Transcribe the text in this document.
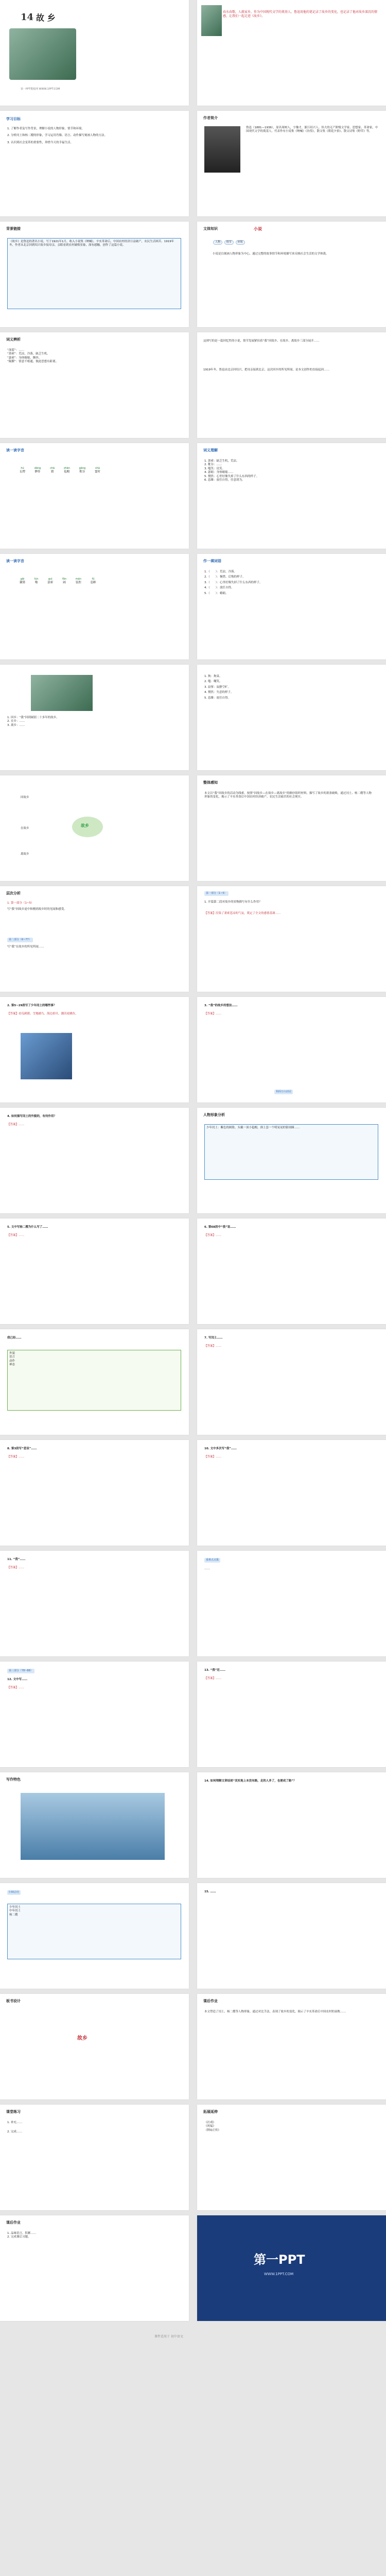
14 故 乡
第一PPT模板网 WWW.1PPT.COM
春水春歌，人就家乡，作为中国现代文学的奠基人，鲁迅用他的笔记录了故乡的变化，也记录了他对故乡深沉的情感，让我们一起走进《故乡》。
学习目标
1. 了解作者及写作背景，理解小说的人物形象、情节和环境。
2. 分析闰土和杨二嫂的形象，学习运用肖像、语言、动作描写刻画人物的方法。
3. 认识到社会变革的重要性，珍惜今天的幸福生活。
作者简介
鲁迅（1881—1936），原名周树人，字豫才，浙江绍兴人。伟大的无产阶级文学家、思想家、革命家，中国现代文学的奠基人。代表作有小说集《呐喊》《彷徨》，散文集《朝花夕拾》，散文诗集《野草》等。
背景链接
《故乡》是鲁迅的著名小说，写于1921年1月，收入小说集《呐喊》。辛亥革命后，中国农村经济日益破产，农民生活困苦。1919年冬，作者从北京回到绍兴故乡接母亲，亲眼看到农村破败景象，深有感触，创作了这篇小说。
文体知识	小说
人物 情节 环境
小说是以刻画人物形象为中心，通过完整的故事情节和环境描写来反映社会生活的文学体裁。
词义辨析
“深蓝”：……
“萧索”：荒凉，冷落，缺乏生机。
“瑟索”：身体蜷缩，颤抖。
“隔膜”：情意不相通，彼此思想有距离。
这则写的是一篇回忆性的小说，情节发展紧扣着“我”回故乡、在故乡、离故乡三部分展开……
1919年冬，鲁迅由北京回绍兴，把母亲接到北京，这次回乡的所见所闻，是本文创作的直接起因……
读一读字音
hú
瓦楞

dèng
髀骨

chā
猹

zhān
毡帽

gāng
秕谷

shà
霎时
词义理解
1. 萧索：缺乏生机，荒凉。
2. 秕谷：……
3. 嗤笑：讥笑。
4. 瑟缩：身体蜷缩……
5. 惘然：心里好像失掉了什么东西的样子。
6. 恣睢：放任自得，任意胡为。
读一读字音
gāi
獾猪

lún
嗡

guì
瑟索

fǎn
阔

mán
装腔

fú
恣睢
作一填词语
1.（　　）：荒凉，冷落。
2.（　　）：惋惜、后悔的样子。
3.（　　）：心里好像失掉了什么东西的样子。
4.（　　）：放任自得。
5.（　　）：蜷缩。
1. 回乡：“我”回到阔别二十多年的故乡。
2. 在乡：……
3. 离乡：……
1. 拘：拘束。
2. 嗤：嘲笑。
3. 寂寥：寂静空旷。
4. 惘然：失意的样子。
5. 恣睢：放任自得。
故乡
回故乡
在故乡
离故乡
整体感知
本文以“我”回故乡的活动为线索，按照“回故乡—在故乡—离故乡”的顺序组织材料，描写了故乡的萧条破败，通过闰土、杨二嫂等人物形象的变化，揭示了辛亥革命后中国农村经济破产、农民生活痛苦的社会现实。
层次分析
1. 第一部分（1~5）
写“我”回故乡途中和刚到故乡时的见闻和感受。
第二部分（6~77）
写“我”在故乡的所见所闻……
第一部分（1~5）
1. 开篇第二段对故乡的景物描写有什么作用？
【答案】渲染了萧索悲凉的气氛，奠定了全文的感情基调……
2. 第5~29段写了少年闰土的哪些事？
【答案】看瓜刺猹、雪地捕鸟、海边拾贝、潮汛看跳鱼。
3. “我”的故乡的想法……
【答案】……
相面万山前冠
4. 如何描写闰土的外貌的，有何作用？
【答案】……
人物形象分析
少年闰土：紫色的圆脸，头戴一顶小毡帽，颈上套一个明晃晃的银项圈……
5. 文中写杨二嫂为什么写了……
【答案】……
6. 第68段中“我”说……
【答案】……
我已经……
外貌
语言
动作
神态
7. 写闰土……
【答案】……
8. 第3段写“悲哀”……
【答案】……
10. 文中多次写“我”……
【答案】……
11. “我”……
【答案】……
重难点点拨
……
第三部分（78~88）
12. 文中写……
【答案】……
13. “我”还……
【答案】……
写作特色	14. 如何理解文章结尾“其实地上本没有路，走的人多了，也便成了路”？
归纳总结
少年闰土
中年闰土
杨二嫂
15. ……
板书设计
故乡
课后作业
本文塑造了闰土、杨二嫂等人物形象，通过对比手法，表现了故乡的变化，揭示了辛亥革命后中国农村的衰败……
课堂练习
1. 补充……
2. 完成……
拓展延伸
《社戏》
《祝福》
《阿Q正传》
课后作业
1. 品味语言，积累……
2. 完成课后习题。
第一PPT
WWW.1PPT.COM
课件适用于 初中语文
